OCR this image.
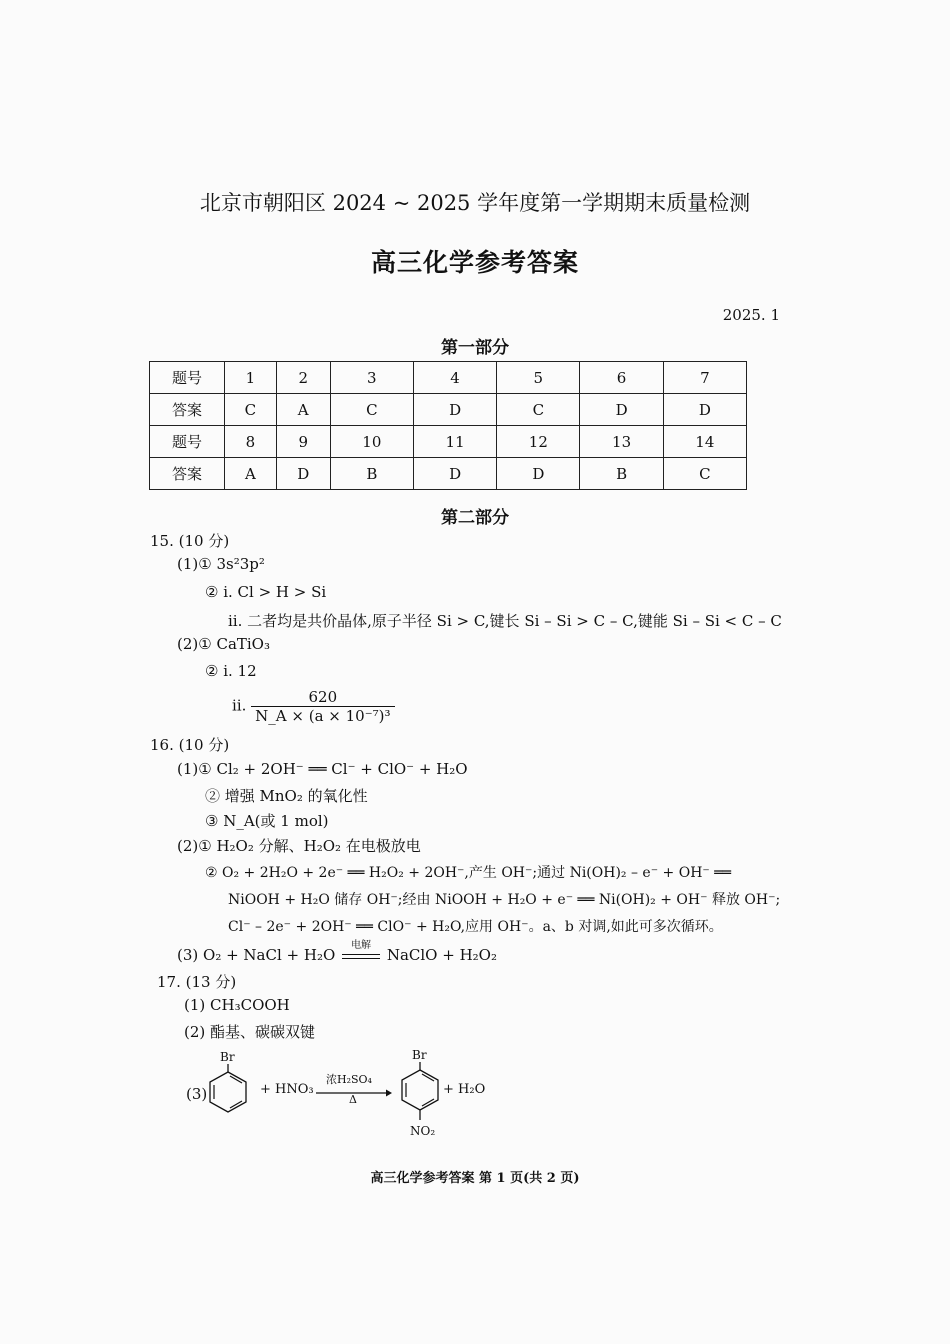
北京市朝阳区 2024 ~ 2025 学年度第一学期期末质量检测
高三化学参考答案
2025. 1
第一部分
题号	1	2	3	4	5	6	7
答案	C	A	C	D	C	D	D
题号	8	9	10	11	12	13	14
答案	A	D	B	D	D	B	C
第二部分
15. (10 分)
(1)① 3s²3p²
② ⅰ. Cl > H > Si
ⅱ. 二者均是共价晶体,原子半径 Si > C,键长 Si – Si > C – C,键能 Si – Si < C – C
(2)① CaTiO₃
② ⅰ. 12
ⅱ. $\frac{620}{\text{N\_A × (a × 10⁻⁷)³}}$
16. (10 分)
(1)① Cl₂ + 2OH⁻ ══ Cl⁻ + ClO⁻ + H₂O
② 增强 MnO₂ 的氧化性
③ N_A(或 1 mol)
(2)① H₂O₂ 分解、H₂O₂ 在电极放电
② O₂ + 2H₂O + 2e⁻ ══ H₂O₂ + 2OH⁻,产生 OH⁻;通过 Ni(OH)₂ – e⁻ + OH⁻ ══
NiOOH + H₂O 储存 OH⁻;经由 NiOOH + H₂O + e⁻ ══ Ni(OH)₂ + OH⁻ 释放 OH⁻;
Cl⁻ – 2e⁻ + 2OH⁻ ══ ClO⁻ + H₂O,应用 OH⁻。a、b 对调,如此可多次循环。
(3) O₂ + NaCl + H₂O
电解
NaClO + H₂O₂
17. (13 分)
(1) CH₃COOH
(2) 酯基、碳碳双键
(3)
Br
+ HNO₃
浓H₂SO₄
Δ
Br
NO₂
+ H₂O
高三化学参考答案 第 1 页(共 2 页)
